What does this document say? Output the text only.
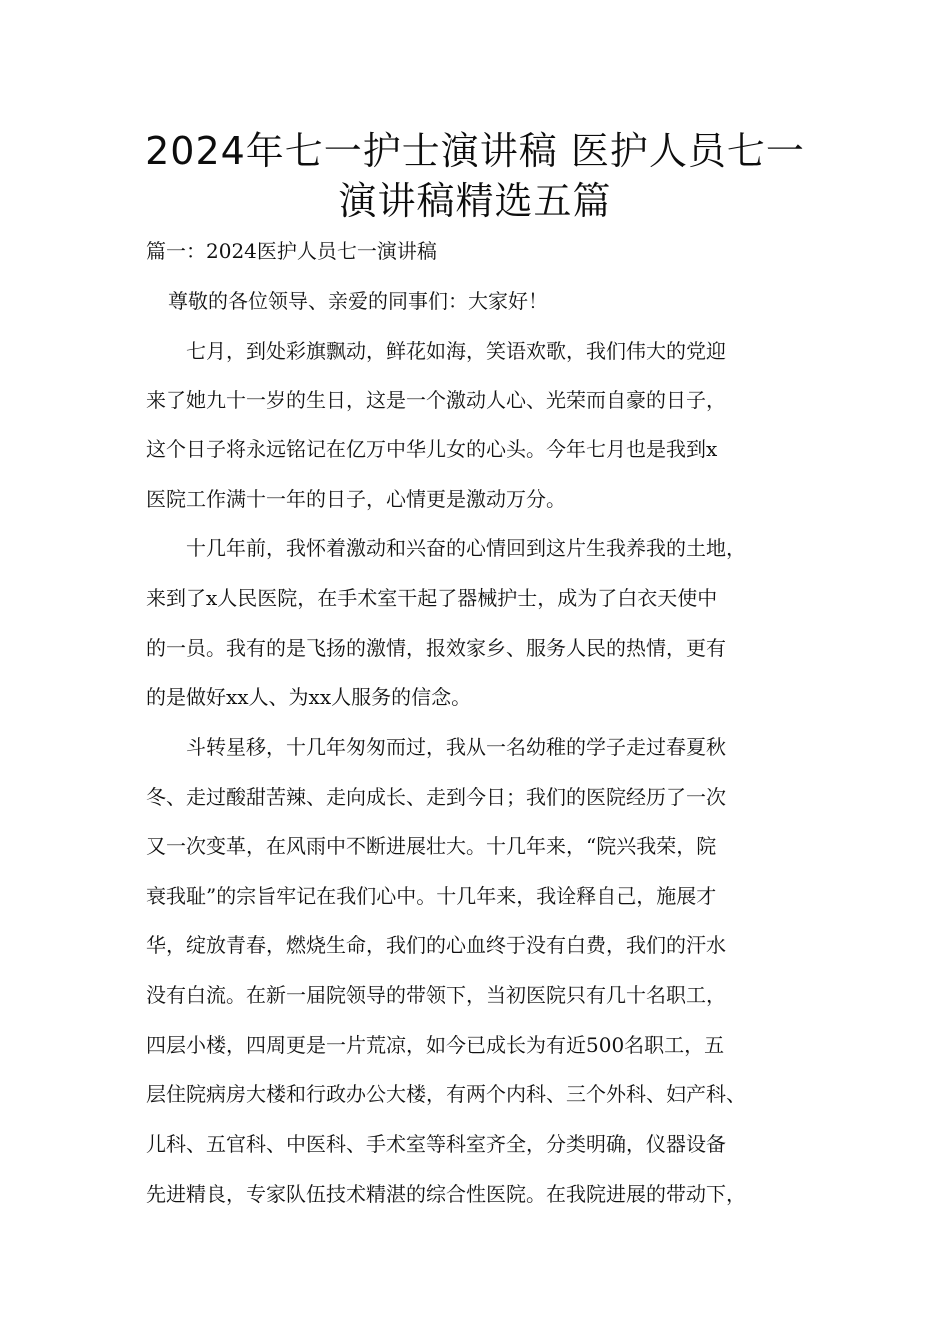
2024年七一护士演讲稿 医护人员七一
演讲稿精选五篇
篇一：2024医护人员七一演讲稿
尊敬的各位领导、亲爱的同事们：大家好！
　　七月，到处彩旗飘动，鲜花如海，笑语欢歌，我们伟大的党迎
来了她九十一岁的生日，这是一个激动人心、光荣而自豪的日子，
这个日子将永远铭记在亿万中华儿女的心头。今年七月也是我到x
医院工作满十一年的日子，心情更是激动万分。
　　十几年前，我怀着激动和兴奋的心情回到这片生我养我的土地，
来到了x人民医院，在手术室干起了器械护士，成为了白衣天使中
的一员。我有的是飞扬的激情，报效家乡、服务人民的热情，更有
的是做好xx人、为xx人服务的信念。
　　斗转星移，十几年匆匆而过，我从一名幼稚的学子走过春夏秋
冬、走过酸甜苦辣、走向成长、走到今日；我们的医院经历了一次
又一次变革，在风雨中不断进展壮大。十几年来，“院兴我荣，院
衰我耻”的宗旨牢记在我们心中。十几年来，我诠释自己，施展才
华，绽放青春，燃烧生命，我们的心血终于没有白费，我们的汗水
没有白流。在新一届院领导的带领下，当初医院只有几十名职工，
四层小楼，四周更是一片荒凉，如今已成长为有近500名职工，五
层住院病房大楼和行政办公大楼，有两个内科、三个外科、妇产科、
儿科、五官科、中医科、手术室等科室齐全，分类明确，仪器设备
先进精良，专家队伍技术精湛的综合性医院。在我院进展的带动下，
